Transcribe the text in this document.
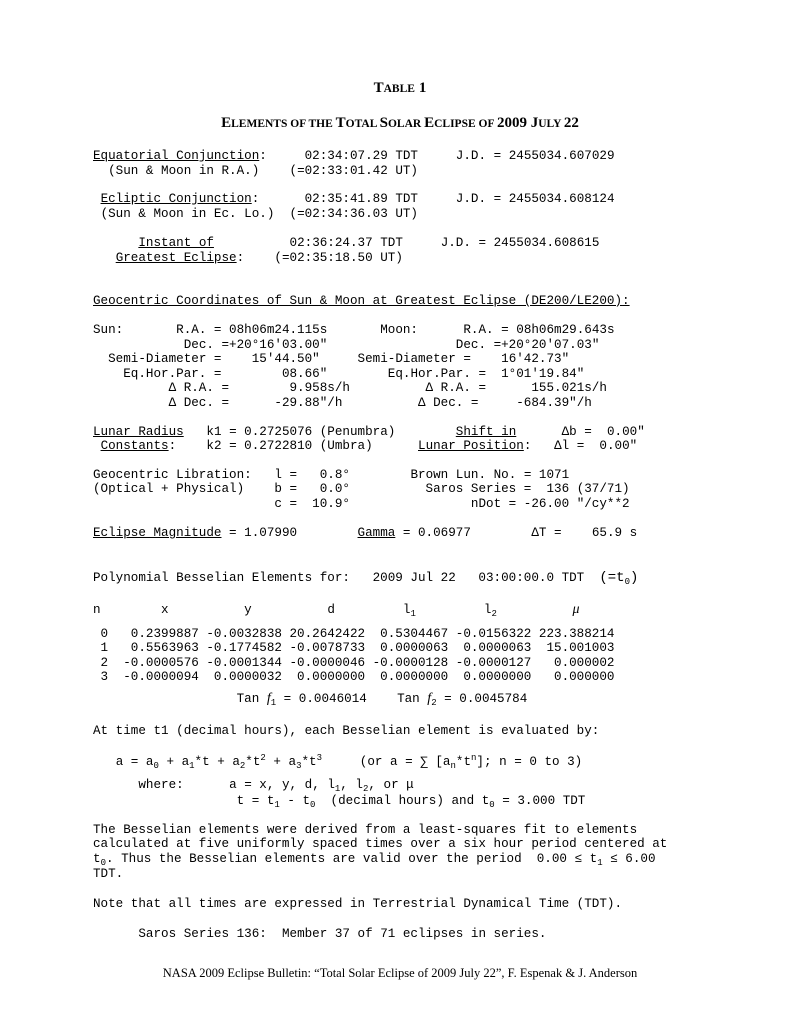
TABLE 1
ELEMENTS OF THE TOTAL SOLAR ECLIPSE OF 2009 JULY 22
Equatorial Conjunction:     02:34:07.29 TDT	J.D. = 2455034.607029
(Sun & Moon in R.A.) (=02:33:01.42 UT)
Ecliptic Conjunction:      02:35:41.89 TDT	J.D. = 2455034.608124
(Sun & Moon in Ec. Lo.) (=02:34:36.03 UT)
Instant of	02:36:24.37 TDT	J.D. = 2455034.608615
Greatest Eclipse:    (=02:35:18.50 UT)
Geocentric Coordinates of Sun & Moon at Greatest Eclipse (DE200/LE200):
Sun:	R.A. = 08h06m24.115s	Moon:	R.A. = 08h06m29.643s
Dec. =+20°16'03.00"	Dec. =+20°20'07.03"
Semi-Diameter =    15'44.50"	Semi-Diameter =    16'42.73"
Eq.Hor.Par. =        08.66"	Eq.Hor.Par. =  1°01'19.84"
Δ R.A. =        9.958s/h	Δ R.A. =      155.021s/h
Δ Dec. =      -29.88"/h	Δ Dec. =     -684.39"/h
Lunar Radius k1 = 0.2725076 (Penumbra)	Shift in	Δb =  0.00"
Constants:    k2 = 0.2722810 (Umbra)	Lunar Position:   Δl =  0.00"
Geocentric Libration: l =   0.8°	Brown Lun. No. = 1071
(Optical + Physical) b =   0.0°	Saros Series =  136 (37/71)
c =  10.9°	nDot = -26.00 "/cy**2
Eclipse Magnitude = 1.07990	Gamma = 0.06977	ΔT =    65.9 s
Polynomial Besselian Elements for:   2009 Jul 22   03:00:00.0 TDT $(=t_0)$
n	x	y	d	$l_1$	$l_2$	μ
0   0.2399887 -0.0032838 20.2642422  0.5304467 -0.0156322 223.388214
1   0.5563963 -0.1774582 -0.0078733  0.0000063  0.0000063  15.001003
2  -0.0000576 -0.0001344 -0.0000046 -0.0000128 -0.0000127   0.000002
3  -0.0000094  0.0000032  0.0000000  0.0000000  0.0000000   0.000000
Tan $f_1 = 0.0046014$ Tan $f_2 = 0.0045784$
At time t1 (decimal hours), each Besselian element is evaluated by:
$a = a_0 + a_1*t + a_2*t^2 + a_3*t^3$     (or a = ∑ $[a_n*t^n]$; n = 0 to 3)
where:	a = x, y, d, $l_1$, $l_2$, or μ
$t = t_1 - t_0$  (decimal hours) and $t_0 = 3.000$ TDT
The Besselian elements were derived from a least-squares fit to elements
calculated at five uniformly spaced times over a six hour period centered at
$t_0$. Thus the Besselian elements are valid over the period  $0.00 \le t_1 \le 6.00$
TDT.
Note that all times are expressed in Terrestrial Dynamical Time (TDT).
Saros Series 136:  Member 37 of 71 eclipses in series.
NASA 2009 Eclipse Bulletin: “Total Solar Eclipse of 2009 July 22”, F. Espenak & J. Anderson
